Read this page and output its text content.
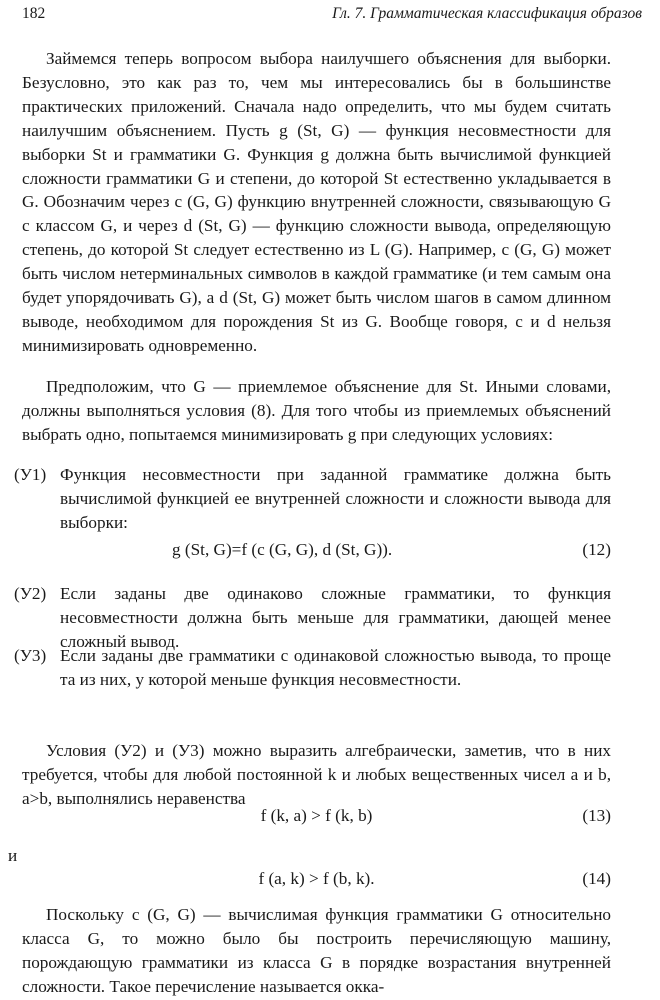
182	Гл. 7. Грамматическая классификация образов

Займемся теперь вопросом выбора наилучшего объяснения для выборки. Безусловно, это как раз то, чем мы интересовались бы в большинстве практических приложений. Сначала надо определить, что мы будем считать наилучшим объяснением. Пусть g (St, G) — функция несовместности для выборки St и грамматики G. Функция g должна быть вычислимой функцией сложности грамматики G и степени, до которой St естественно укладывается в G. Обозначим через c (G, G) функцию внутренней сложности, связывающую G с классом G, и через d (St, G) — функцию сложности вывода, определяющую степень, до которой St следует естественно из L (G). Например, c (G, G) может быть числом нетерминальных символов в каждой грамматике (и тем самым она будет упорядочивать G), а d (St, G) может быть числом шагов в самом длинном выводе, необходимом для порождения St из G. Вообще говоря, c и d нельзя минимизировать одновременно.

Предположим, что G — приемлемое объяснение для St. Иными словами, должны выполняться условия (8). Для того чтобы из приемлемых объяснений выбрать одно, попытаемся минимизировать g при следующих условиях:

(У1) Функция несовместности при заданной грамматике должна быть вычислимой функцией ее внутренней сложности и сложности вывода для выборки:
g (St, G)=f (c (G, G), d (St, G)).	(12)
(У2) Если заданы две одинаково сложные грамматики, то функция несовместности должна быть меньше для грамматики, дающей менее сложный вывод.
(У3) Если заданы две грамматики с одинаковой сложностью вывода, то проще та из них, у которой меньше функция несовместности.

Условия (У2) и (У3) можно выразить алгебраически, заметив, что в них требуется, чтобы для любой постоянной k и любых вещественных чисел a и b, a>b, выполнялись неравенства

f (k, a) > f (k, b)	(13)
и
f (a, k) > f (b, k).	(14)

Поскольку c (G, G) — вычислимая функция грамматики G относительно класса G, то можно было бы построить перечисляющую машину, порождающую грамматики из класса G в порядке возрастания внутренней сложности. Такое перечисление называется окка-
